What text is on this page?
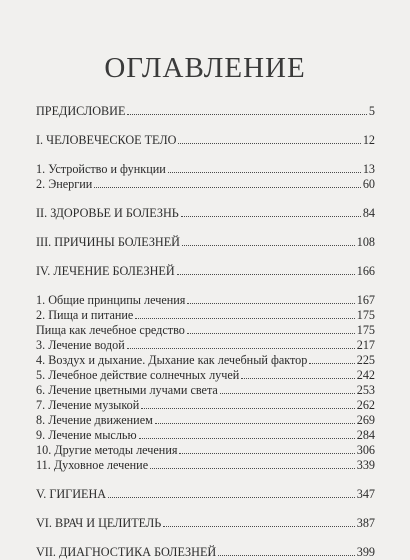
ОГЛАВЛЕНИЕ
ПРЕДИСЛОВИЕ	5
I. ЧЕЛОВЕЧЕСКОЕ ТЕЛО	12
1. Устройство и функции	13
2. Энергии	60
II. ЗДОРОВЬЕ И БОЛЕЗНЬ	84
III. ПРИЧИНЫ БОЛЕЗНЕЙ	108
IV. ЛЕЧЕНИЕ БОЛЕЗНЕЙ	166
1. Общие принципы лечения	167
2. Пища и питание	175
Пища как лечебное средство	175
3. Лечение водой	217
4. Воздух и дыхание. Дыхание как лечебный фактор	225
5. Лечебное действие солнечных лучей	242
6. Лечение цветными лучами света	253
7. Лечение музыкой	262
8. Лечение движением	269
9. Лечение мыслью	284
10. Другие методы лечения	306
11. Духовное лечение	339
V. ГИГИЕНА	347
VI. ВРАЧ И ЦЕЛИТЕЛЬ	387
VII. ДИАГНОСТИКА БОЛЕЗНЕЙ	399
